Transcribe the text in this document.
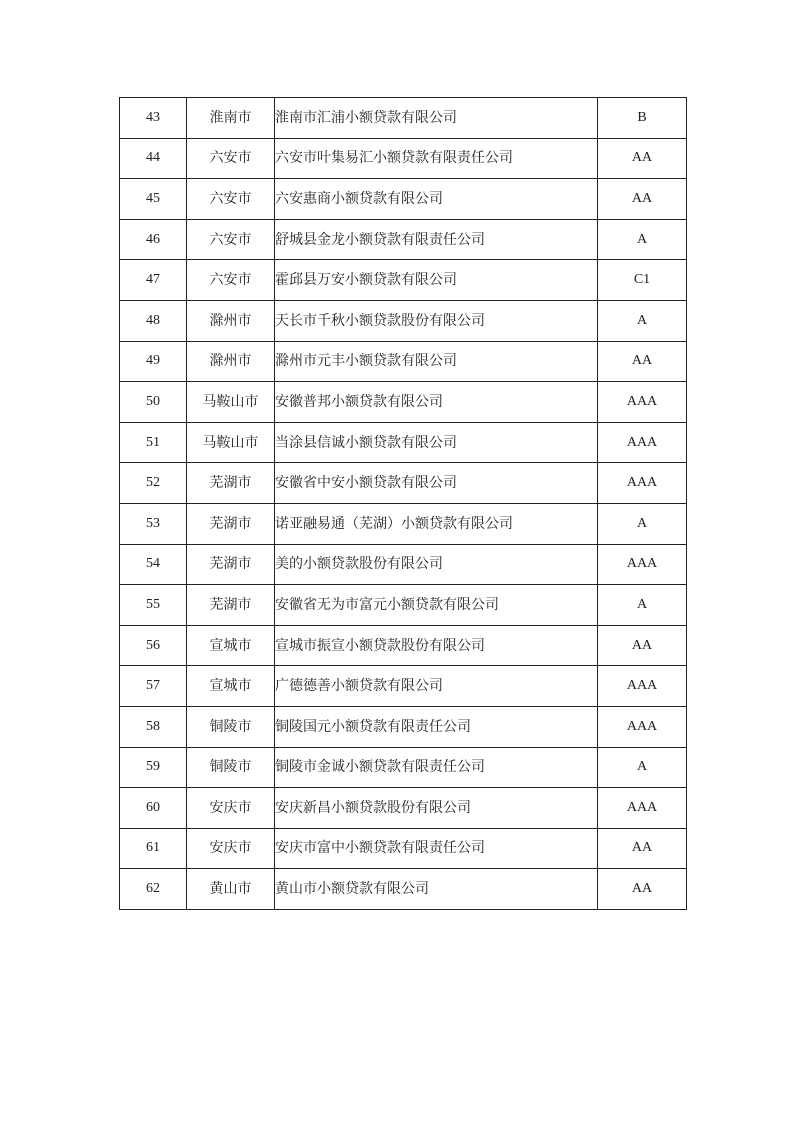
43	淮南市	淮南市汇浦小额贷款有限公司	B
44	六安市	六安市叶集易汇小额贷款有限责任公司	AA
45	六安市	六安惠商小额贷款有限公司	AA
46	六安市	舒城县金龙小额贷款有限责任公司	A
47	六安市	霍邱县万安小额贷款有限公司	C1
48	滁州市	天长市千秋小额贷款股份有限公司	A
49	滁州市	滁州市元丰小额贷款有限公司	AA
50	马鞍山市	安徽普邦小额贷款有限公司	AAA
51	马鞍山市	当涂县信诚小额贷款有限公司	AAA
52	芜湖市	安徽省中安小额贷款有限公司	AAA
53	芜湖市	诺亚融易通（芜湖）小额贷款有限公司	A
54	芜湖市	美的小额贷款股份有限公司	AAA
55	芜湖市	安徽省无为市富元小额贷款有限公司	A
56	宣城市	宣城市振宣小额贷款股份有限公司	AA
57	宣城市	广德德善小额贷款有限公司	AAA
58	铜陵市	铜陵国元小额贷款有限责任公司	AAA
59	铜陵市	铜陵市金诚小额贷款有限责任公司	A
60	安庆市	安庆新昌小额贷款股份有限公司	AAA
61	安庆市	安庆市富中小额贷款有限责任公司	AA
62	黄山市	黄山市小额贷款有限公司	AA
